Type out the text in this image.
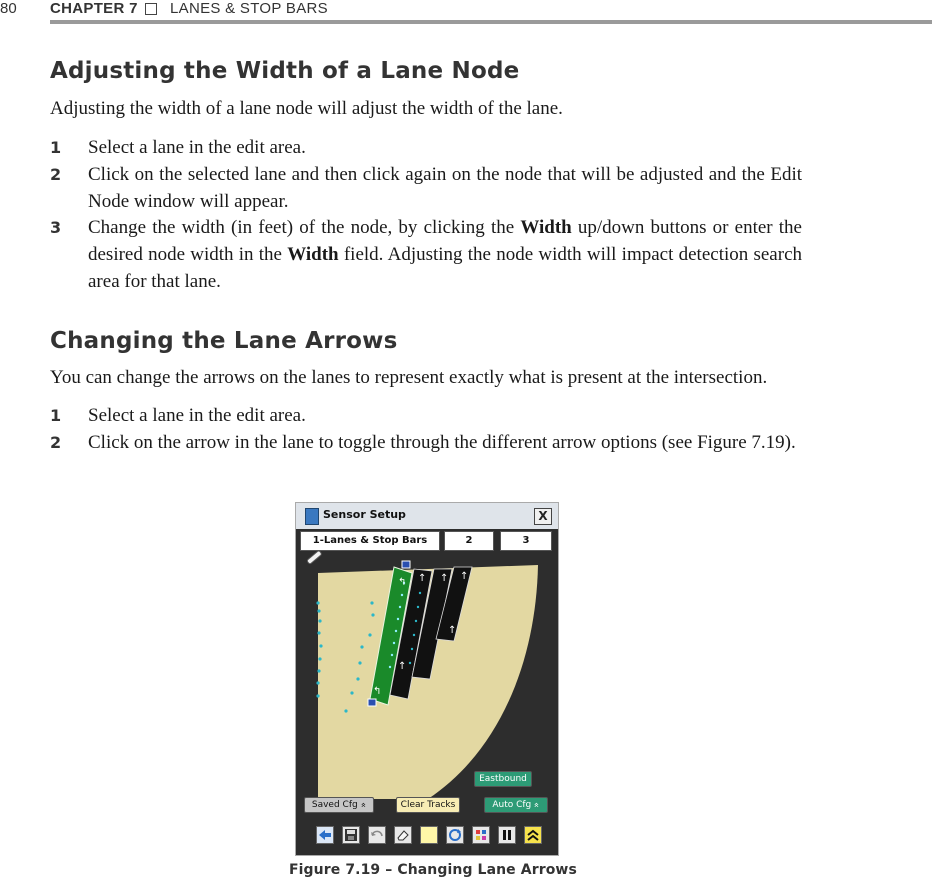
80 CHAPTER 7 LANES & STOP BARS
Adjusting the Width of a Lane Node

Adjusting the width of a lane node will adjust the width of the lane.

1 Select a lane in the edit area.
2 Click on the selected lane and then click again on the node that will be adjusted and the Edit Node window will appear.
3 Change the width (in feet) of the node, by clicking the Width up/down buttons or enter the desired node width in the Width field. Adjusting the node width will impact detection search area for that lane.
Changing the Lane Arrows

You can change the arrows on the lanes to represent exactly what is present at the intersection.

1 Select a lane in the edit area.
2 Click on the arrow in the lane to toggle through the different arrow options (see Figure 7.19).
Sensor Setup	X
1-Lanes & Stop Bars	2	3
↰
↰
↑
↑
↑ ↑
↑
Eastbound
Saved Cfg »	Clear Tracks	Auto Cfg »
Figure 7.19 – Changing Lane Arrows
